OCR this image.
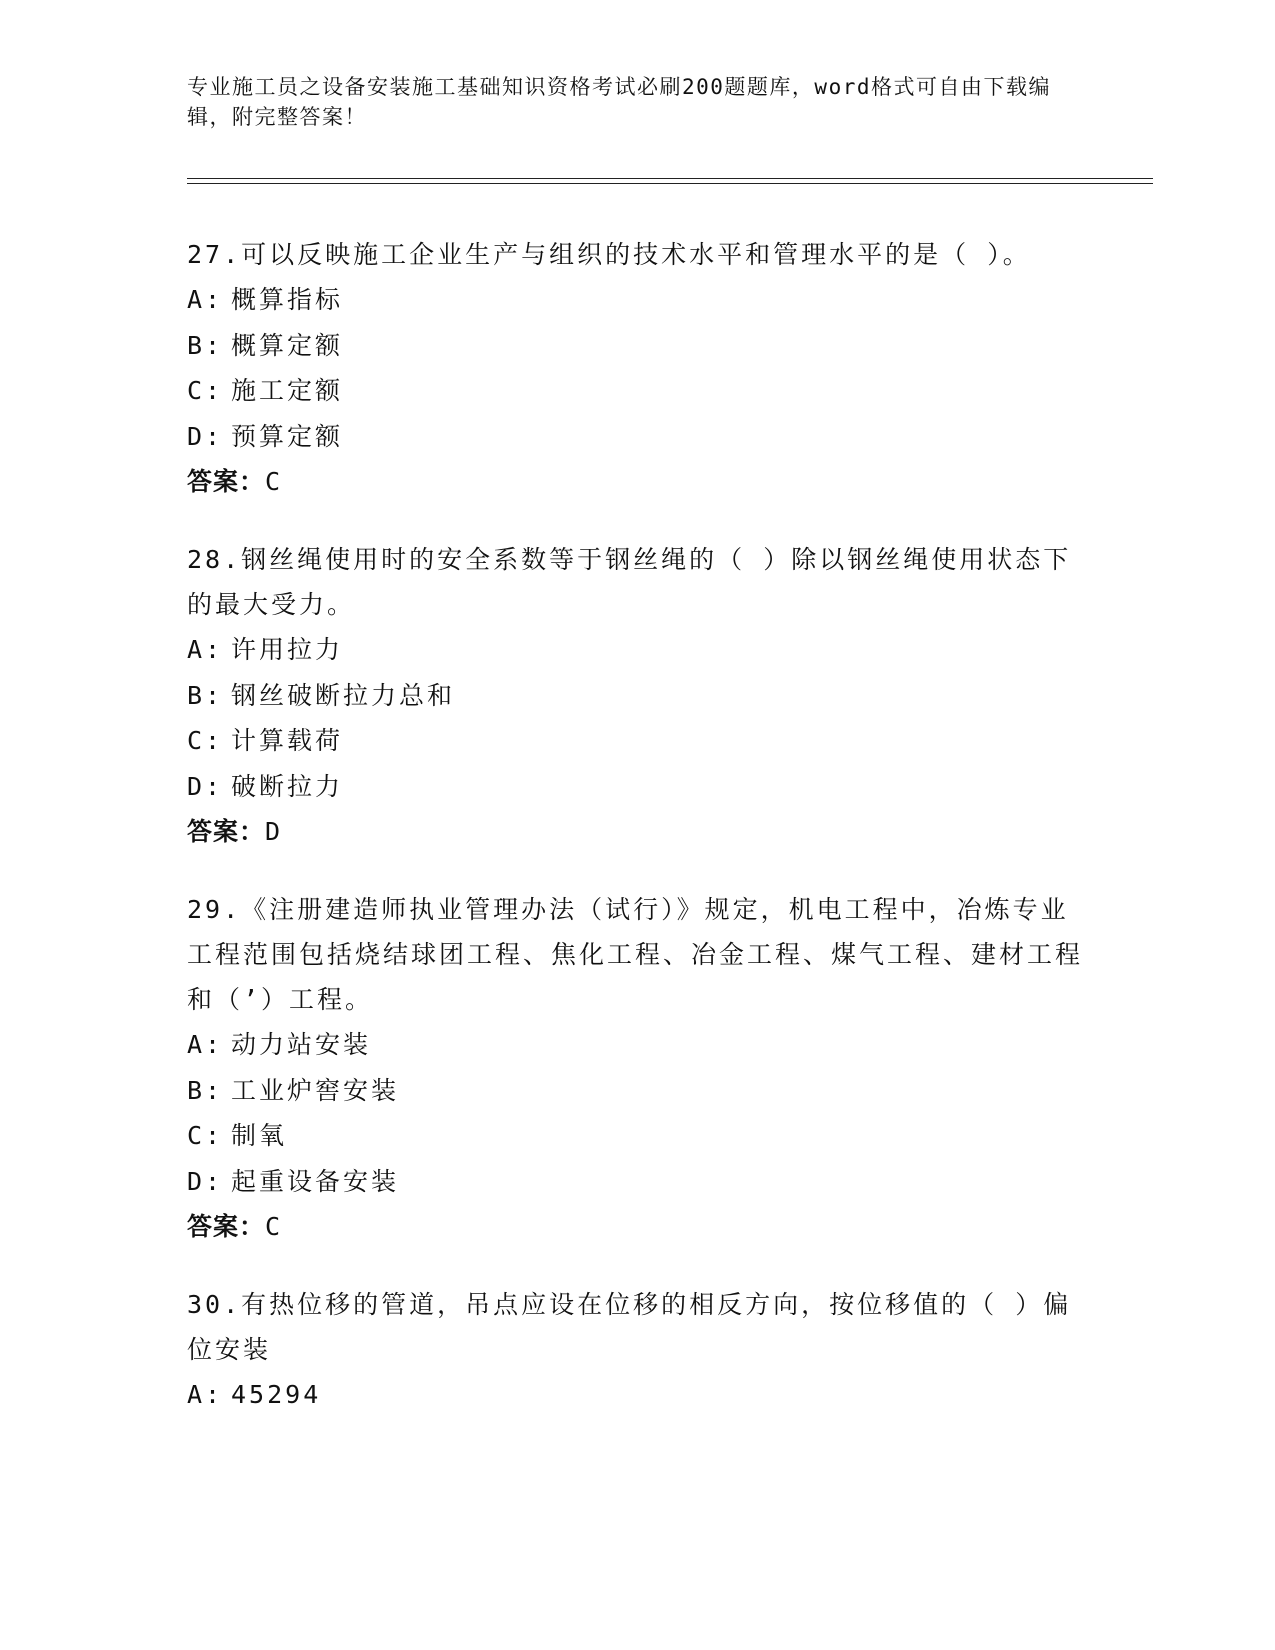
专业施工员之设备安装施工基础知识资格考试必刷200题题库，word格式可自由下载编辑，附完整答案！
27.可以反映施工企业生产与组织的技术水平和管理水平的是（ ）。
A: 概算指标
B: 概算定额
C: 施工定额
D: 预算定额
答案：C
28.钢丝绳使用时的安全系数等于钢丝绳的（ ）除以钢丝绳使用状态下的最大受力。
A: 许用拉力
B: 钢丝破断拉力总和
C: 计算载荷
D: 破断拉力
答案：D
29.《注册建造师执业管理办法（试行）》规定，机电工程中，冶炼专业工程范围包括烧结球团工程、焦化工程、冶金工程、煤气工程、建材工程和（’）工程。
A: 动力站安装
B: 工业炉窖安装
C: 制氧
D: 起重设备安装
答案：C
30.有热位移的管道，吊点应设在位移的相反方向，按位移值的（ ）偏位安装
A: 45294
